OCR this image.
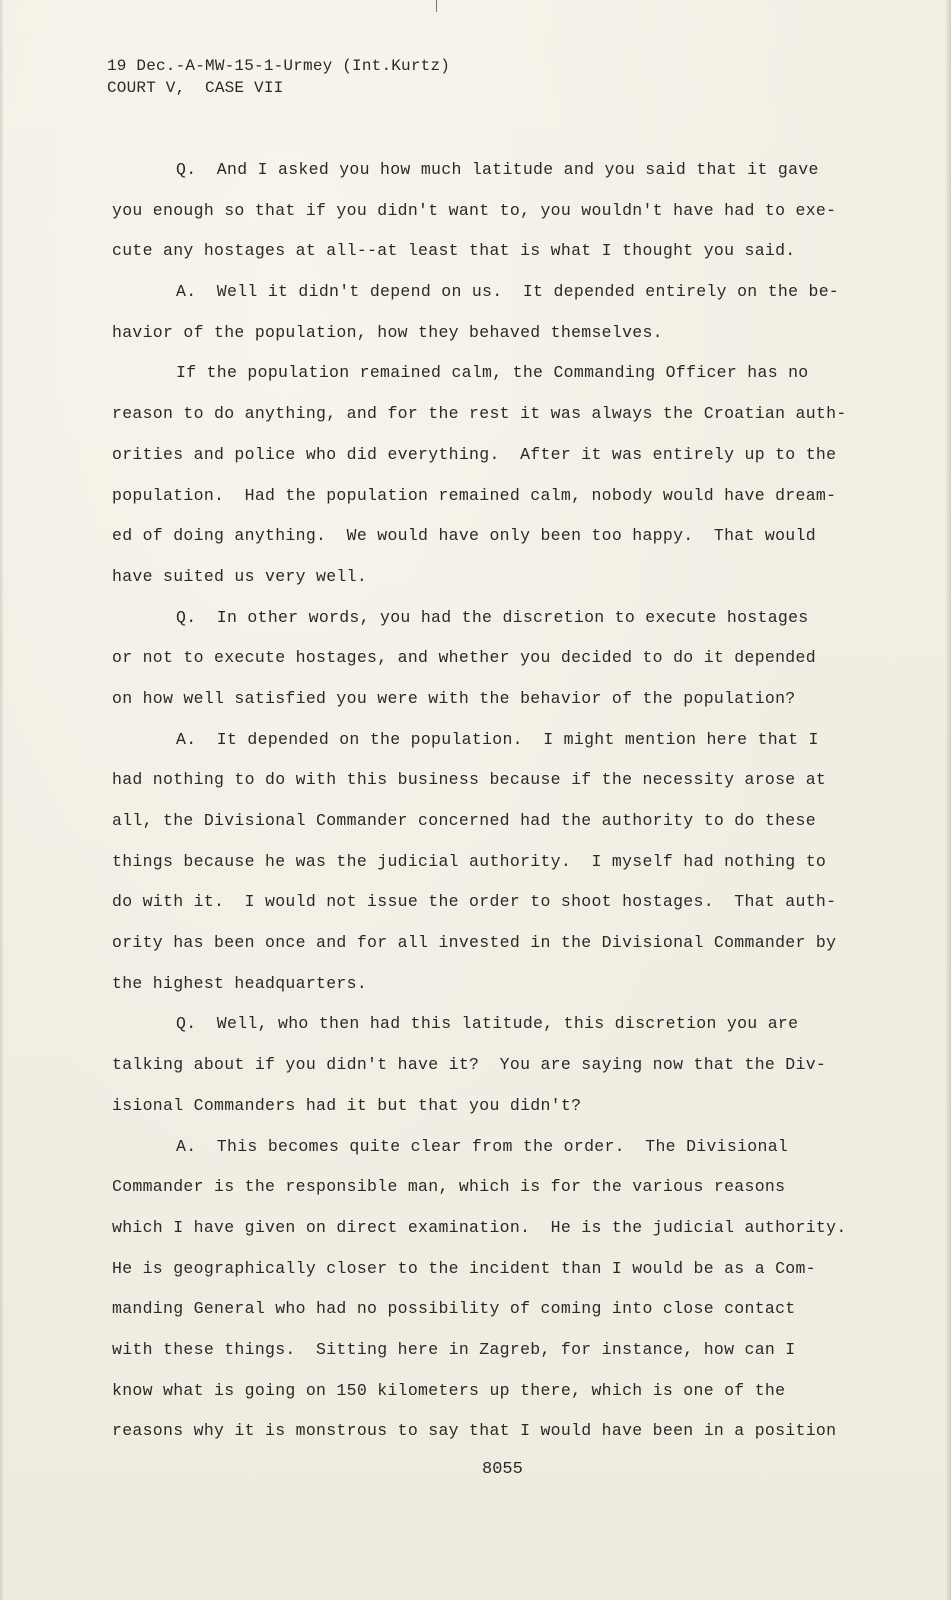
19 Dec.-A-MW-15-1-Urmey (Int.Kurtz)
COURT V,  CASE VII
Q.  And I asked you how much latitude and you said that it gave
you enough so that if you didn't want to, you wouldn't have had to exe-
cute any hostages at all--at least that is what I thought you said.
A.  Well it didn't depend on us.  It depended entirely on the be-
havior of the population, how they behaved themselves.
If the population remained calm, the Commanding Officer has no
reason to do anything, and for the rest it was always the Croatian auth-
orities and police who did everything.  After it was entirely up to the
population.  Had the population remained calm, nobody would have dream-
ed of doing anything.  We would have only been too happy.  That would
have suited us very well.
Q.  In other words, you had the discretion to execute hostages
or not to execute hostages, and whether you decided to do it depended
on how well satisfied you were with the behavior of the population?
A.  It depended on the population.  I might mention here that I
had nothing to do with this business because if the necessity arose at
all, the Divisional Commander concerned had the authority to do these
things because he was the judicial authority.  I myself had nothing to
do with it.  I would not issue the order to shoot hostages.  That auth-
ority has been once and for all invested in the Divisional Commander by
the highest headquarters.
Q.  Well, who then had this latitude, this discretion you are
talking about if you didn't have it?  You are saying now that the Div-
isional Commanders had it but that you didn't?
A.  This becomes quite clear from the order.  The Divisional
Commander is the responsible man, which is for the various reasons
which I have given on direct examination.  He is the judicial authority.
He is geographically closer to the incident than I would be as a Com-
manding General who had no possibility of coming into close contact
with these things.  Sitting here in Zagreb, for instance, how can I
know what is going on 150 kilometers up there, which is one of the
reasons why it is monstrous to say that I would have been in a position
8055
